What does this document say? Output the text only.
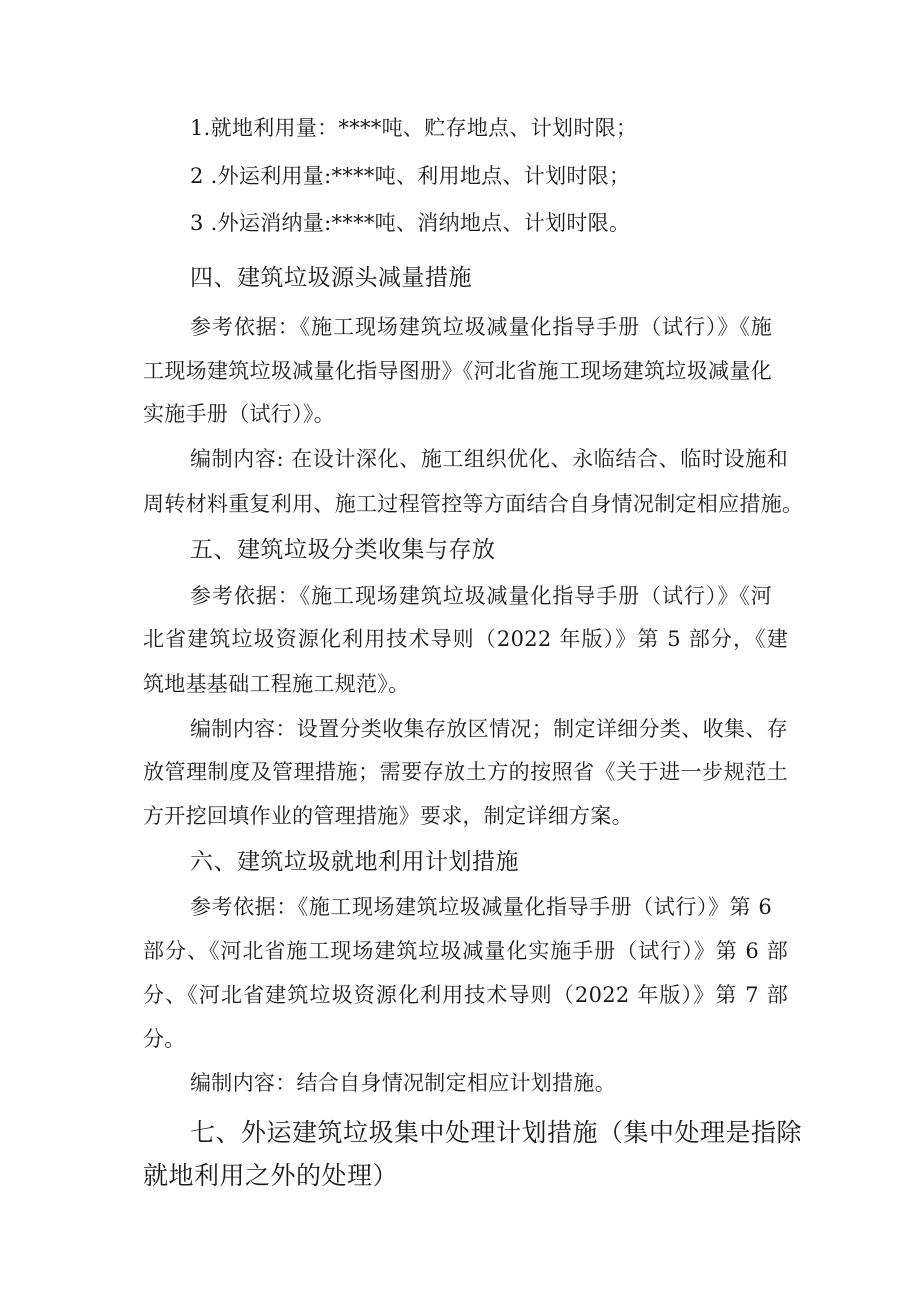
1.就地利用量：****吨、贮存地点、计划时限；
2 .外运利用量:****吨、利用地点、计划时限；
3 .外运消纳量:****吨、消纳地点、计划时限。
四、建筑垃圾源头减量措施
参考依据：《施工现场建筑垃圾减量化指导手册（试行）》《施
工现场建筑垃圾减量化指导图册》《河北省施工现场建筑垃圾减量化
实施手册（试行）》。
编制内容: 在设计深化、施工组织优化、永临结合、临时设施和
周转材料重复利用、施工过程管控等方面结合自身情况制定相应措施。
五、建筑垃圾分类收集与存放
参考依据：《施工现场建筑垃圾减量化指导手册（试行）》《河
北省建筑垃圾资源化利用技术导则（2022 年版）》第 5 部分，《建
筑地基基础工程施工规范》。
编制内容：设置分类收集存放区情况；制定详细分类、收集、存
放管理制度及管理措施；需要存放土方的按照省《关于进一步规范土
方开挖回填作业的管理措施》要求，制定详细方案。
六、建筑垃圾就地利用计划措施
参考依据：《施工现场建筑垃圾减量化指导手册（试行）》第 6
部分、《河北省施工现场建筑垃圾减量化实施手册（试行）》第 6 部
分、《河北省建筑垃圾资源化利用技术导则（2022 年版）》第 7 部
分。
编制内容：结合自身情况制定相应计划措施。
七、外运建筑垃圾集中处理计划措施（集中处理是指除
就地利用之外的处理）
